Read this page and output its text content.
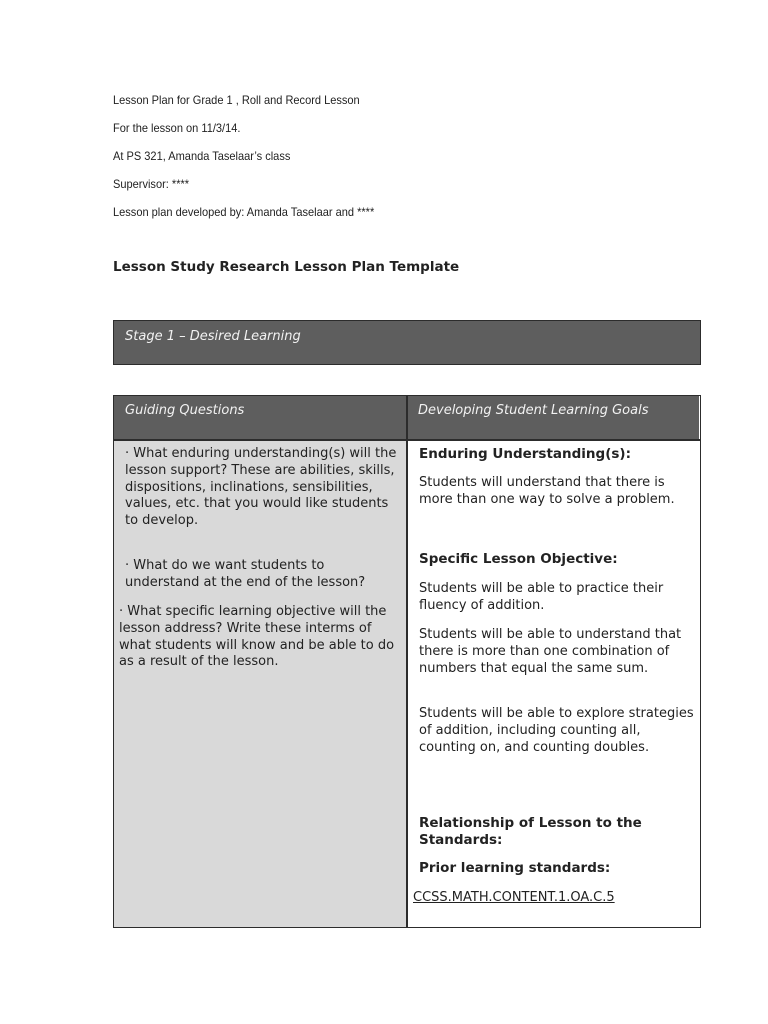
Lesson Plan for Grade 1 , Roll and Record Lesson
For the lesson on 11/3/14.
At PS 321, Amanda Taselaar’s class
Supervisor: ****
Lesson plan developed by: Amanda Taselaar and ****
Lesson Study Research Lesson Plan Template
Stage 1 – Desired Learning
Guiding Questions	Developing Student Learning Goals
· What enduring understanding(s) will the lesson support? These are abilities, skills, dispositions, inclinations, sensibilities, values, etc. that you would like students to develop.
· What do we want students to understand at the end of the lesson?
· What specific learning objective will the lesson address? Write these interms of what students will know and be able to do as a result of the lesson.
Enduring Understanding(s):
Students will understand that there is more than one way to solve a problem.
Specific Lesson Objective:
Students will be able to practice their fluency of addition.
Students will be able to understand that there is more than one combination of numbers that equal the same sum.
Students will be able to explore strategies of addition, including counting all, counting on, and counting doubles.
Relationship of Lesson to the Standards:
Prior learning standards:
CCSS.MATH.CONTENT.1.OA.C.5
